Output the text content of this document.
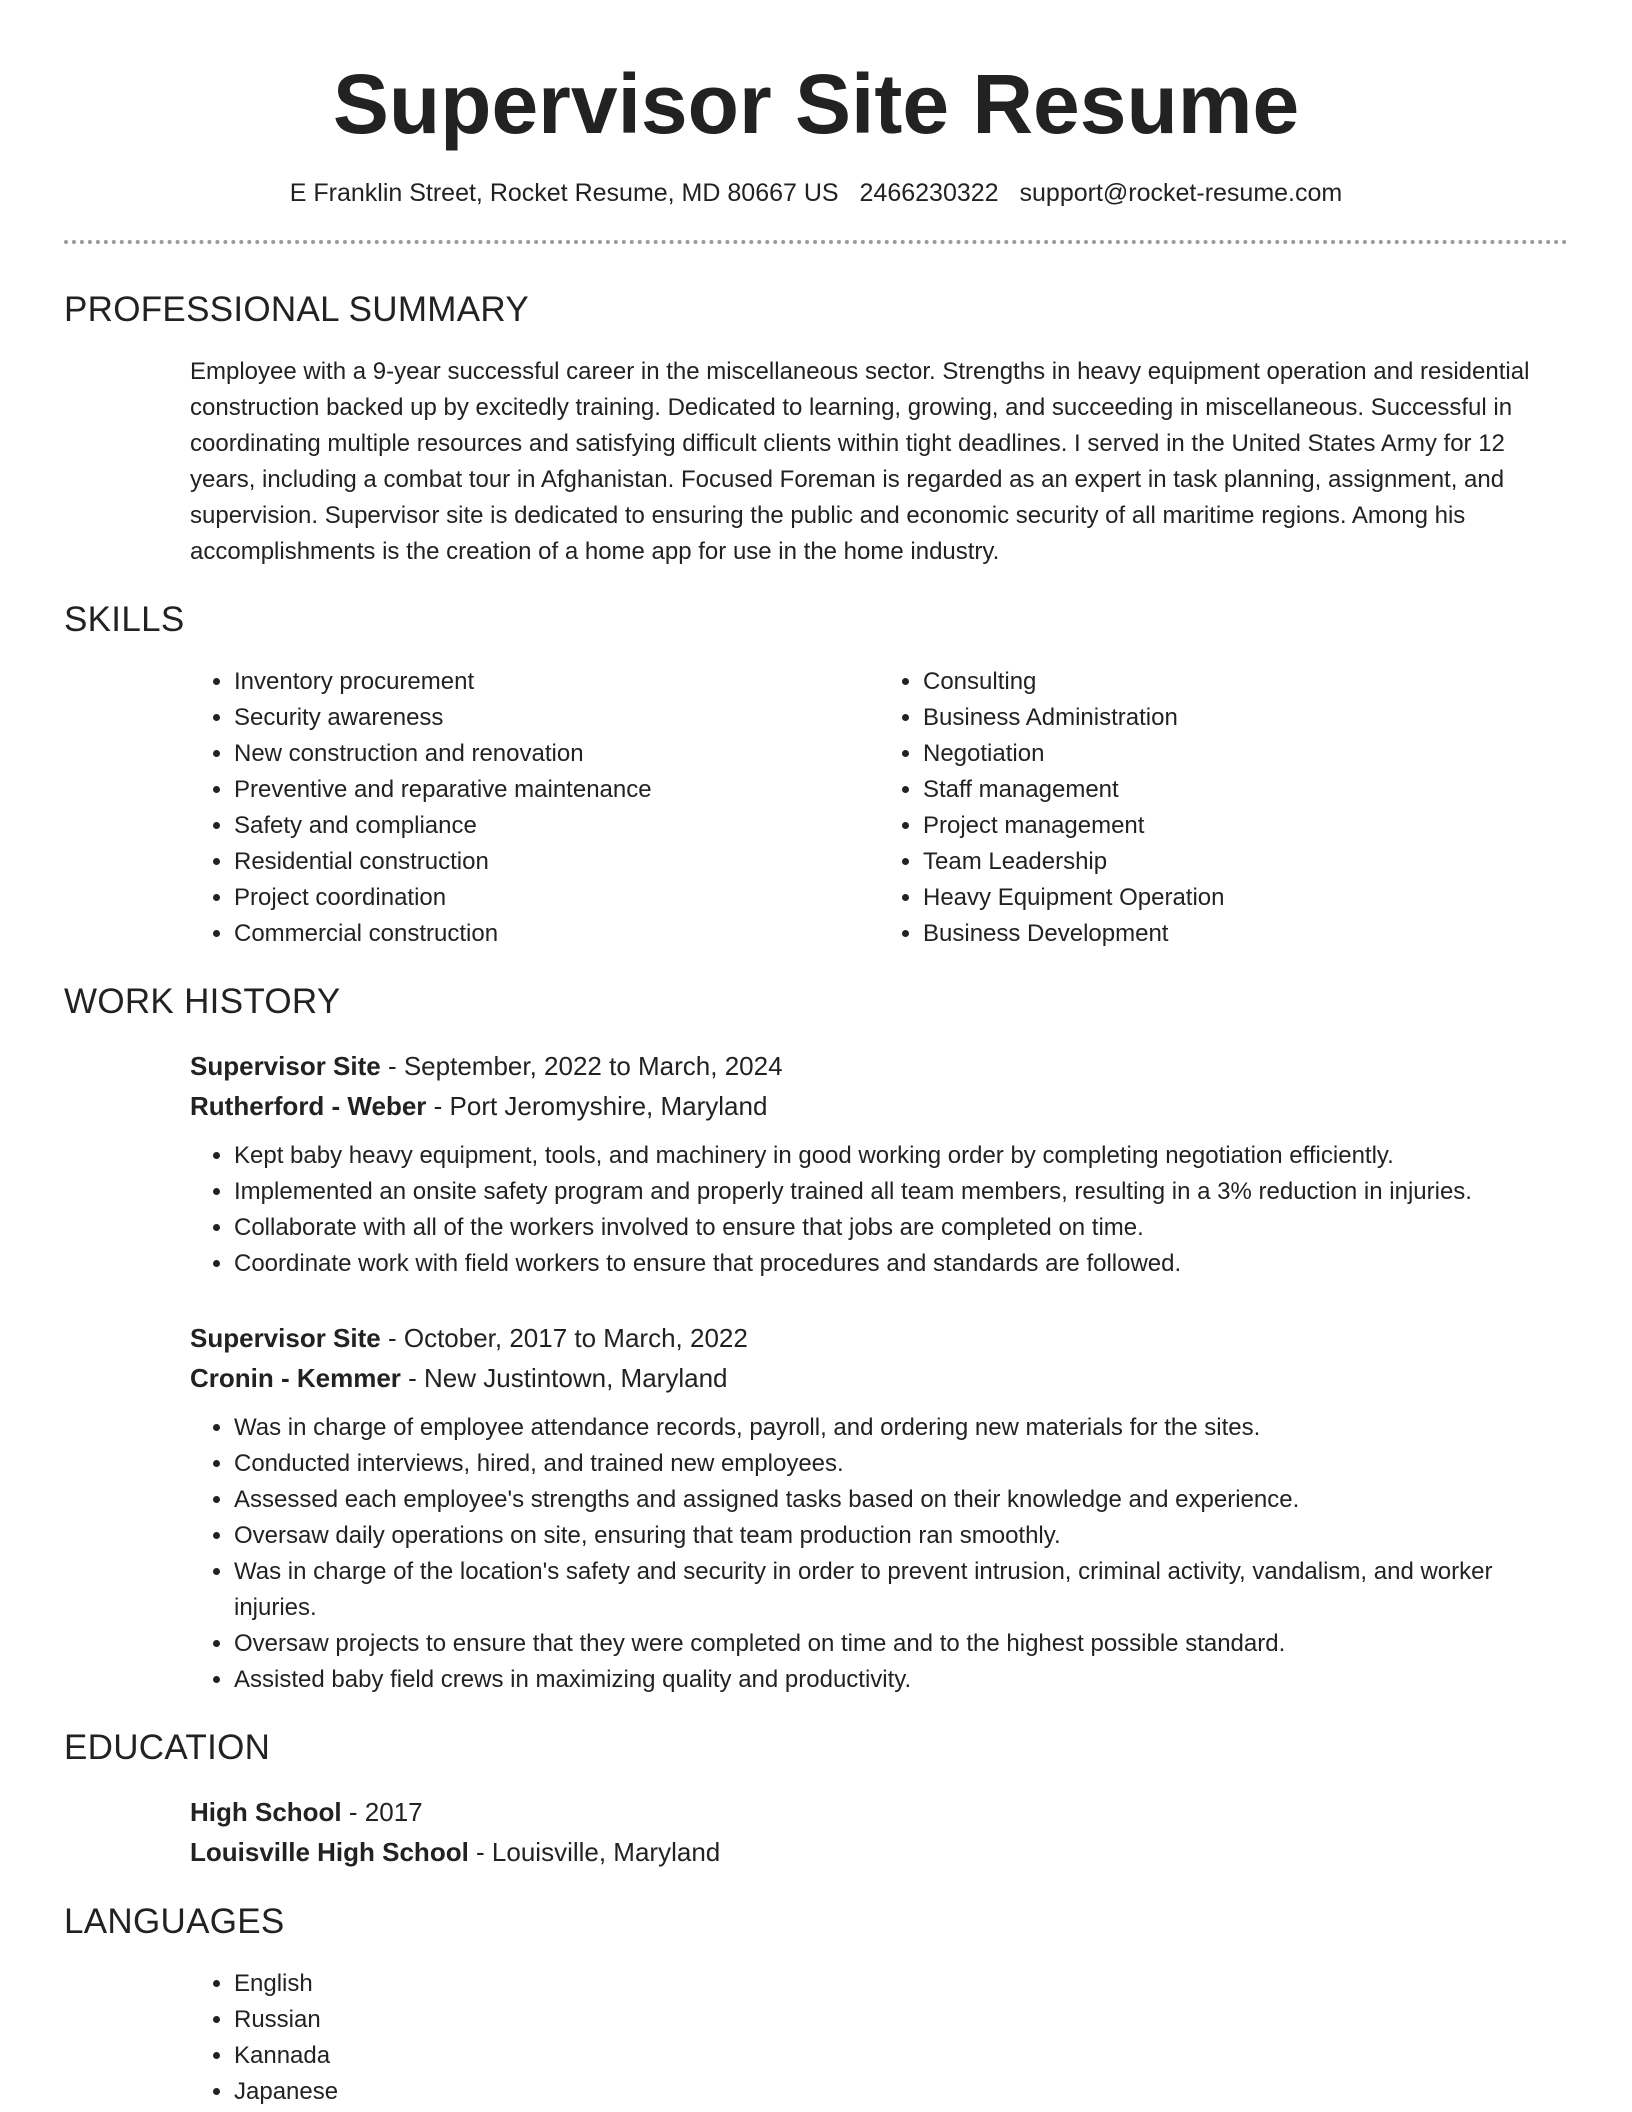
Supervisor Site Resume
E Franklin Street, Rocket Resume, MD 80667 US 2466230322 support@rocket-resume.com
PROFESSIONAL SUMMARY
Employee with a 9-year successful career in the miscellaneous sector. Strengths in heavy equipment operation and residential construction backed up by excitedly training. Dedicated to learning, growing, and succeeding in miscellaneous. Successful in coordinating multiple resources and satisfying difficult clients within tight deadlines. I served in the United States Army for 12 years, including a combat tour in Afghanistan. Focused Foreman is regarded as an expert in task planning, assignment, and supervision. Supervisor site is dedicated to ensuring the public and economic security of all maritime regions. Among his accomplishments is the creation of a home app for use in the home industry.
SKILLS
• Inventory procurement
• Security awareness
• New construction and renovation
• Preventive and reparative maintenance
• Safety and compliance
• Residential construction
• Project coordination
• Commercial construction
• Consulting
• Business Administration
• Negotiation
• Staff management
• Project management
• Team Leadership
• Heavy Equipment Operation
• Business Development
WORK HISTORY
Supervisor Site - September, 2022 to March, 2024
Rutherford - Weber - Port Jeromyshire, Maryland
• Kept baby heavy equipment, tools, and machinery in good working order by completing negotiation efficiently.
• Implemented an onsite safety program and properly trained all team members, resulting in a 3% reduction in injuries.
• Collaborate with all of the workers involved to ensure that jobs are completed on time.
• Coordinate work with field workers to ensure that procedures and standards are followed.
Supervisor Site - October, 2017 to March, 2022
Cronin - Kemmer - New Justintown, Maryland
• Was in charge of employee attendance records, payroll, and ordering new materials for the sites.
• Conducted interviews, hired, and trained new employees.
• Assessed each employee's strengths and assigned tasks based on their knowledge and experience.
• Oversaw daily operations on site, ensuring that team production ran smoothly.
• Was in charge of the location's safety and security in order to prevent intrusion, criminal activity, vandalism, and worker injuries.
• Oversaw projects to ensure that they were completed on time and to the highest possible standard.
• Assisted baby field crews in maximizing quality and productivity.
EDUCATION
High School - 2017
Louisville High School - Louisville, Maryland
LANGUAGES
• English
• Russian
• Kannada
• Japanese
